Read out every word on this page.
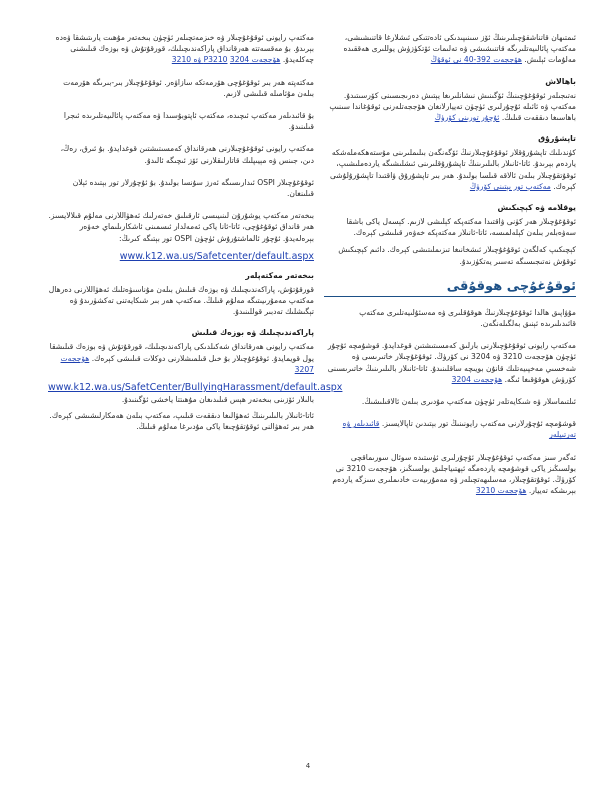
ئىمتىھان قاتناشقۇچىلىرىنىڭ ئۆز سىنىپىدىكى ئادەتتىكى ئىشلارغا قاتنىشىشى، مەكتەپ پائالىيەتلىرىگە قاتنىشىشى ۋە تەلىمات ئۆتكۈزۈش يوللىرى ھەققىدە مەلۇمات ئېلىش. ھۆججەت 392-40 نى ئوقۇڭ

باھالاش

نەتىجىلەر ئوقۇغۇچىنىڭ ئۆگىنىش نىشانلىرىغا يېتىش دەرىجىسىنى كۆرسىتىدۇ. مەكتەپ ۋە ئائىلە ئۇچۇرلىرى ئۈچۈن تەييارلانغان ھۆججەتلەرنى ئوقۇغاندا سىنىپ باھاسىغا دىققەت قىلىڭ. ئۇچۇر تورىنى كۆرۈڭ

تاپشۇرۇق

كۈندىلىك تاپشۇرۇقلار ئوقۇغۇچىلارنىڭ ئۆگەنگەن بىلىملىرىنى مۇستەھكەملەشكە ياردەم بېرىدۇ. ئاتا-ئانىلار بالىلىرىنىڭ تاپشۇرۇقلىرىنى ئىشلىشىگە ياردەملىشىپ، ئوقۇتقۇچىلار بىلەن ئالاقە قىلسا بولىدۇ. ھەر بىر تاپشۇرۇق ۋاقتىدا تاپشۇرۇلۇشى كېرەك. مەكتەپ تور بېتىنى كۆرۈڭ

يوقلامە ۋە كېچىكىش

ئوقۇغۇچىلار ھەر كۈنى ۋاقتىدا مەكتەپكە كېلىشى لازىم. كېسەل ياكى باشقا سەۋەبلەر بىلەن كېلەلمىسە، ئاتا-ئانىلار مەكتەپكە خەۋەر قىلىشى كېرەك.

كېچىكىپ كەلگەن ئوقۇغۇچىلار ئىشخانىغا تىزىملىتىشى كېرەك. دائىم كېچىكىش ئوقۇش نەتىجىسىگە تەسىر يەتكۈزىدۇ.

ئوقۇغۇچى ھوقۇقى

مۇۋاپىق ھالدا ئوقۇغۇچىلارنىڭ ھوقۇقلىرى ۋە مەسئۇلىيەتلىرى مەكتەپ قائىدىلىرىدە ئېنىق بەلگىلەنگەن.

مەكتەپ رايونى ئوقۇغۇچىلارنى بارلىق كەمسىتىشتىن قوغدايدۇ. قوشۇمچە ئۇچۇر ئۈچۈن ھۆججەت 3210 ۋە 3204 نى كۆرۈڭ. ئوقۇغۇچىلار خاتىرىسى ۋە شەخسىي مەخپىيەتلىك قانۇن بويىچە ساقلىنىدۇ. ئاتا-ئانىلار بالىلىرىنىڭ خاتىرىسىنى كۆرۈش ھوقۇقىغا ئىگە. ھۆججەت 3204

ئىلتىماسلار ۋە شىكايەتلەر ئۈچۈن مەكتەپ مۇدىرى بىلەن ئالاقىلىشىڭ.

قوشۇمچە ئۇچۇرلارنى مەكتەپ رايونىنىڭ تور بېتىدىن تاپالايسىز. قائىدىلەر ۋە تەرتىپلەر

ئەگەر سىز مەكتەپ ئوقۇغۇچىلار ئۇچۇرلىرى ئۈستىدە سوئال سورىماقچى بولسىڭىز ياكى قوشۇمچە ياردەمگە ئېھتىياجلىق بولسىڭىز، ھۆججەت 3210 نى كۆرۈڭ. ئوقۇتقۇچىلار، مەسلىھەتچىلەر ۋە مەمۇرىيەت خادىملىرى سىزگە ياردەم بېرىشكە تەييار. ھۆججەت 3210

مەكتەپ رايونى ئوقۇغۇچىلار ۋە خىزمەتچىلەر ئۈچۈن بىخەتەر مۇھىت يارىتىشقا ۋەدە بېرىدۇ. بۇ مەقسەتتە ھەرقانداق پاراكەندىچىلىك، قورقۇتۇش ۋە بوزەك قىلىشنى چەكلەيدۇ. ھۆججەت 3204 P3210 ۋە 3210

مەكتەپتە ھەر بىر ئوقۇغۇچى ھۆرمەتكە سازاۋەر. ئوقۇغۇچىلار بىر-بىرىگە ھۆرمەت بىلەن مۇئامىلە قىلىشى لازىم.

بۇ قائىدىلەر مەكتەپ ئىچىدە، مەكتەپ ئاپتوبۇسىدا ۋە مەكتەپ پائالىيەتلىرىدە ئىجرا قىلىنىدۇ.

مەكتەپ رايونى ئوقۇغۇچىلارنى ھەرقانداق كەمسىتىشتىن قوغدايدۇ. بۇ ئىرق، رەڭ، دىن، جىنس ۋە مېيىپلىك قاتارلىقلارنى ئۆز ئىچىگە ئالىدۇ.

ئوقۇغۇچىلار OSPI ئىدارىسىگە ئەرز سۇنسا بولىدۇ. بۇ ئۇچۇرلار تور بېتىدە ئېلان قىلىنغان.

بىخەتەر مەكتەپ يوشۇرۇن لىنىيىسى ئارقىلىق خەتەرلىك ئەھۋاللارنى مەلۇم قىلالايسىز. ھەر قانداق ئوقۇغۇچى، ئاتا-ئانا ياكى ئەمەلدار ئىسمىنى ئاشكارىلىماي خەۋەر بېرەلەيدۇ. ئۇچۇر ئالماشتۇرۇش ئۈچۈن OSPI تور بېتىگە كىرىڭ:

www.k12.wa.us/Safetcenter/default.aspx
بىخەتەر مەكتەپلەر

قورقۇتۇش، پاراكەندىچىلىك ۋە بوزەك قىلىش بىلەن مۇناسىۋەتلىك ئەھۋاللارنى دەرھال مەكتەپ مەمۇرىيىتىگە مەلۇم قىلىڭ. مەكتەپ ھەر بىر شىكايەتنى تەكشۈرىدۇ ۋە تېگىشلىك تەدبىر قوللىنىدۇ.

پاراكەندىچىلىك ۋە بوزەك قىلىش

مەكتەپ رايونى ھەرقانداق شەكىلدىكى پاراكەندىچىلىك، قورقۇتۇش ۋە بوزەك قىلىشقا يول قويمايدۇ. ئوقۇغۇچىلار بۇ خىل قىلمىشلارنى دوكلات قىلىشى كېرەك. ھۆججەت 3207

www.k12.wa.us/SafetCenter/BullyingHarassment/default.aspx
بالىلار ئۆزىنى بىخەتەر ھېس قىلىدىغان مۇھىتتا ياخشى ئۆگىنىدۇ.
ئاتا-ئانىلار بالىلىرىنىڭ ئەھۋالىغا دىققەت قىلىپ، مەكتەپ بىلەن ھەمكارلىشىشى كېرەك. ھەر بىر ئەھۋالنى ئوقۇتقۇچىغا ياكى مۇدىرغا مەلۇم قىلىڭ.
4
